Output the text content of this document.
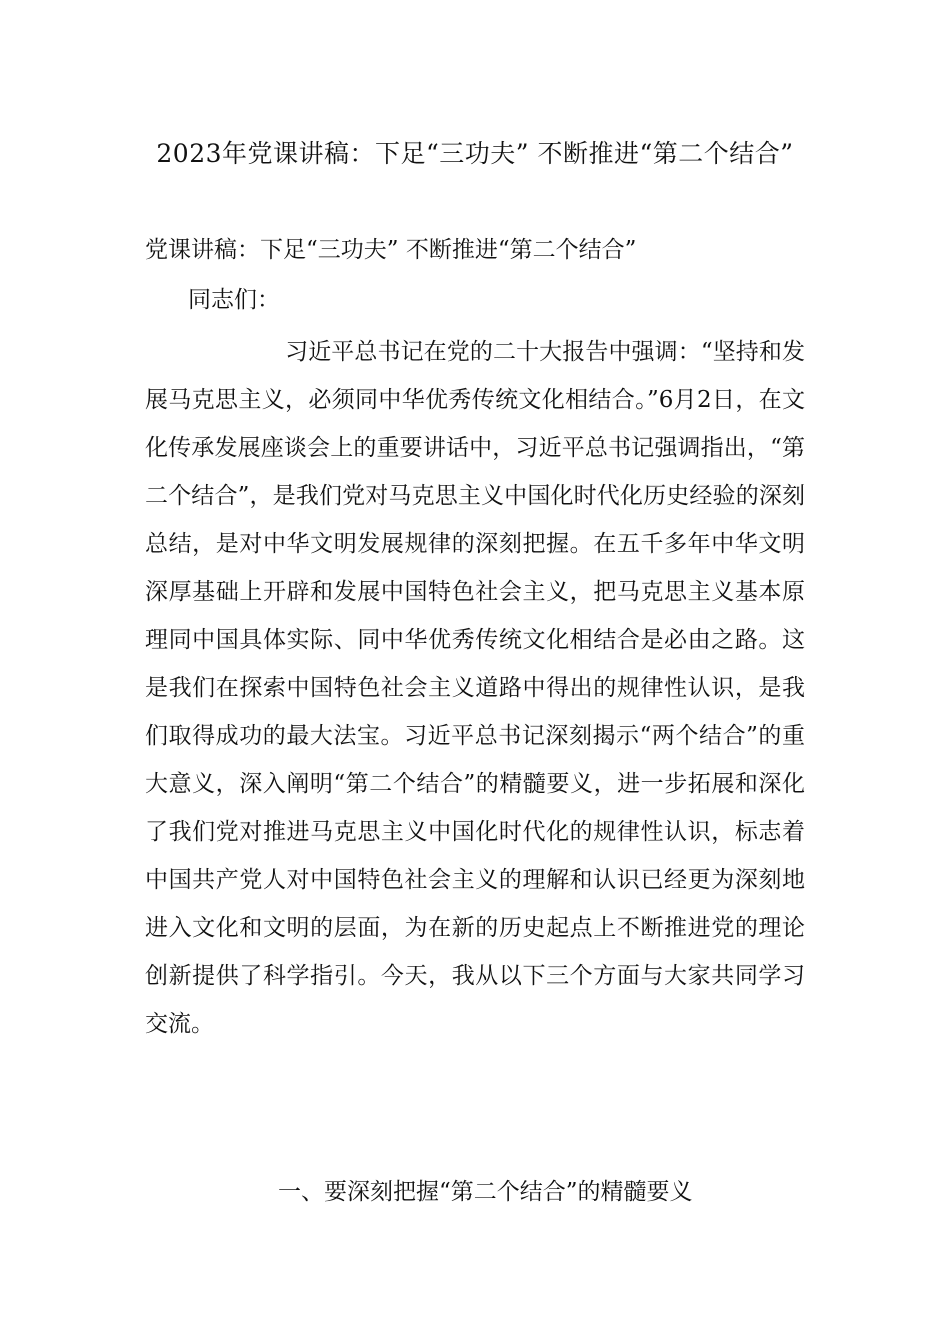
2023年党课讲稿：下足“三功夫” 不断推进“第二个结合”

党课讲稿：下足“三功夫” 不断推进“第二个结合”

同志们：

习近平总书记在党的二十大报告中强调：“坚持和发展马克思主义，必须同中华优秀传统文化相结合。”6月2日，在文化传承发展座谈会上的重要讲话中，习近平总书记强调指出，“第二个结合”，是我们党对马克思主义中国化时代化历史经验的深刻总结，是对中华文明发展规律的深刻把握。在五千多年中华文明深厚基础上开辟和发展中国特色社会主义，把马克思主义基本原理同中国具体实际、同中华优秀传统文化相结合是必由之路。这是我们在探索中国特色社会主义道路中得出的规律性认识，是我们取得成功的最大法宝。习近平总书记深刻揭示“两个结合”的重大意义，深入阐明“第二个结合”的精髓要义，进一步拓展和深化了我们党对推进马克思主义中国化时代化的规律性认识，标志着中国共产党人对中国特色社会主义的理解和认识已经更为深刻地进入文化和文明的层面，为在新的历史起点上不断推进党的理论创新提供了科学指引。今天，我从以下三个方面与大家共同学习交流。

一、要深刻把握“第二个结合”的精髓要义
